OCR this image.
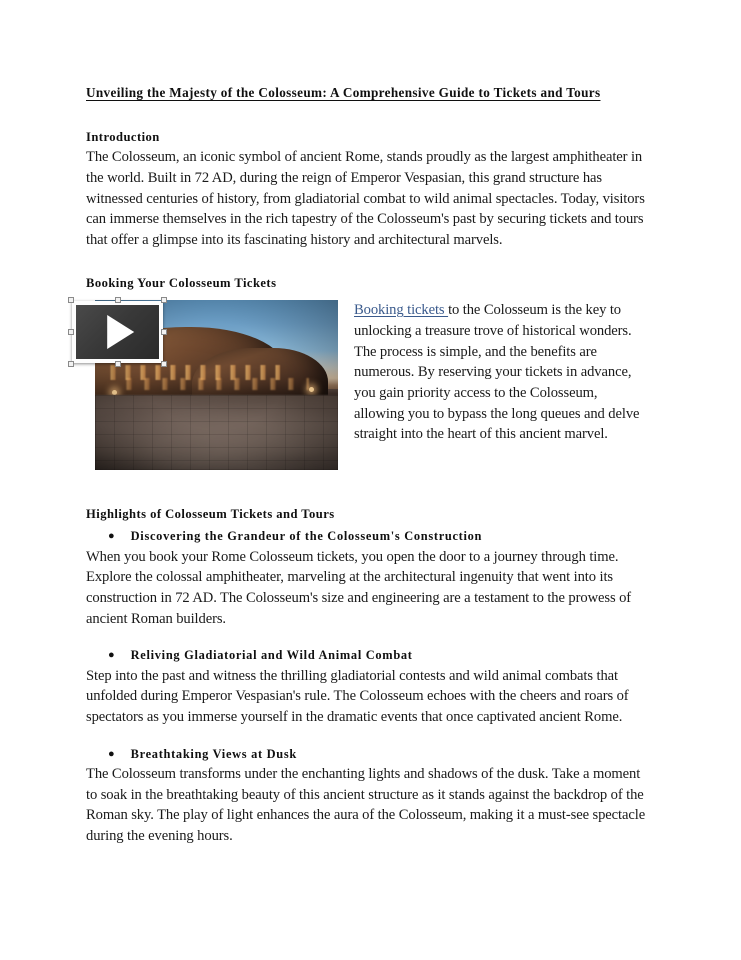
Unveiling the Majesty of the Colosseum: A Comprehensive Guide to Tickets and Tours
Introduction

The Colosseum, an iconic symbol of ancient Rome, stands proudly as the largest amphitheater in the world. Built in 72 AD, during the reign of Emperor Vespasian, this grand structure has witnessed centuries of history, from gladiatorial combat to wild animal spectacles. Today, visitors can immerse themselves in the rich tapestry of the Colosseum's past by securing tickets and tours that offer a glimpse into its fascinating history and architectural marvels.

Booking Your Colosseum Tickets

Booking tickets to the Colosseum is the key to unlocking a treasure trove of historical wonders. The process is simple, and the benefits are numerous. By reserving your tickets in advance, you gain priority access to the Colosseum, allowing you to bypass the long queues and delve straight into the heart of this ancient marvel.

Highlights of Colosseum Tickets and Tours
● Discovering the Grandeur of the Colosseum's Construction

When you book your Rome Colosseum tickets, you open the door to a journey through time. Explore the colossal amphitheater, marveling at the architectural ingenuity that went into its construction in 72 AD. The Colosseum's size and engineering are a testament to the prowess of ancient Roman builders.

● Reliving Gladiatorial and Wild Animal Combat

Step into the past and witness the thrilling gladiatorial contests and wild animal combats that unfolded during Emperor Vespasian's rule. The Colosseum echoes with the cheers and roars of spectators as you immerse yourself in the dramatic events that once captivated ancient Rome.

● Breathtaking Views at Dusk

The Colosseum transforms under the enchanting lights and shadows of the dusk. Take a moment to soak in the breathtaking beauty of this ancient structure as it stands against the backdrop of the Roman sky. The play of light enhances the aura of the Colosseum, making it a must-see spectacle during the evening hours.
